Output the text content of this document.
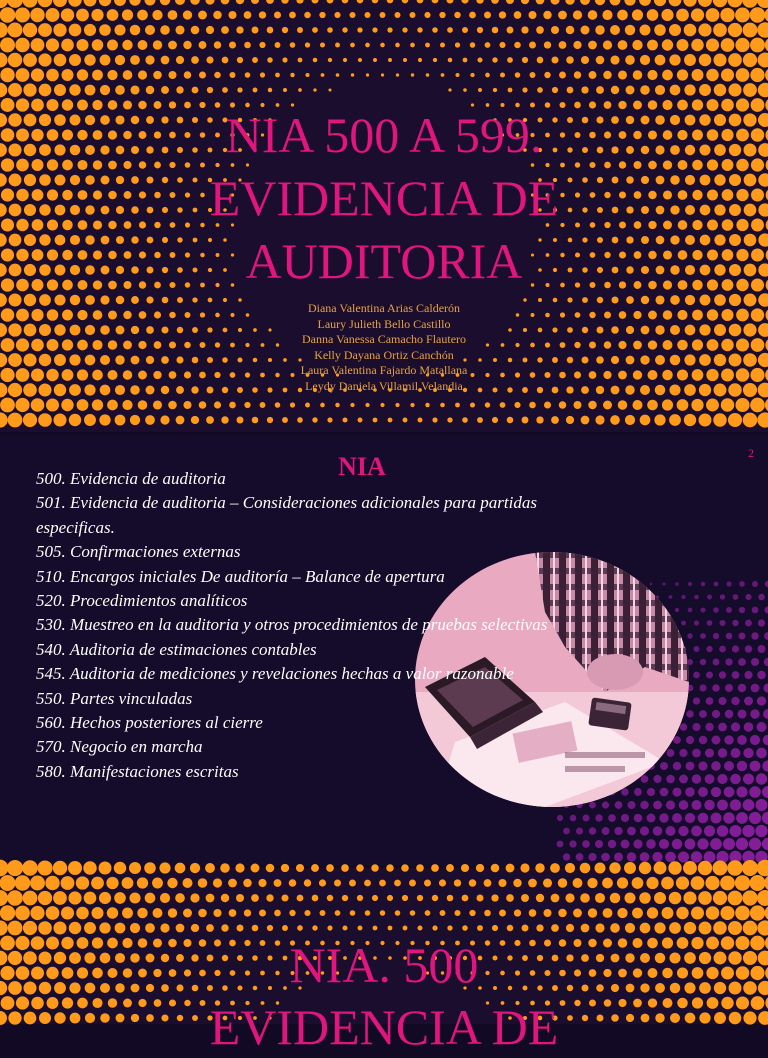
NIA 500 A 599.
EVIDENCIA DE
AUDITORIA
Diana Valentina Arias Calderón
Laury Julieth Bello Castillo
Danna Vanessa Camacho Flautero
Kelly Dayana Ortiz Canchón
Laura Valentina Fajardo Matallana
Leydy Daniela Villamil Velandia
2
NIA
500. Evidencia de auditoria
501. Evidencia de auditoria – Consideraciones adicionales para partidas
especificas.
505. Confirmaciones externas
510. Encargos iniciales De auditoría – Balance de apertura
520. Procedimientos analíticos
530. Muestreo en la auditoria y otros procedimientos de pruebas selectivas
540. Auditoria de estimaciones contables
545. Auditoria de mediciones y revelaciones hechas a valor razonable
550. Partes vinculadas
560. Hechos posteriores al cierre
570. Negocio en marcha
580. Manifestaciones escritas
NIA. 500
EVIDENCIA DE
